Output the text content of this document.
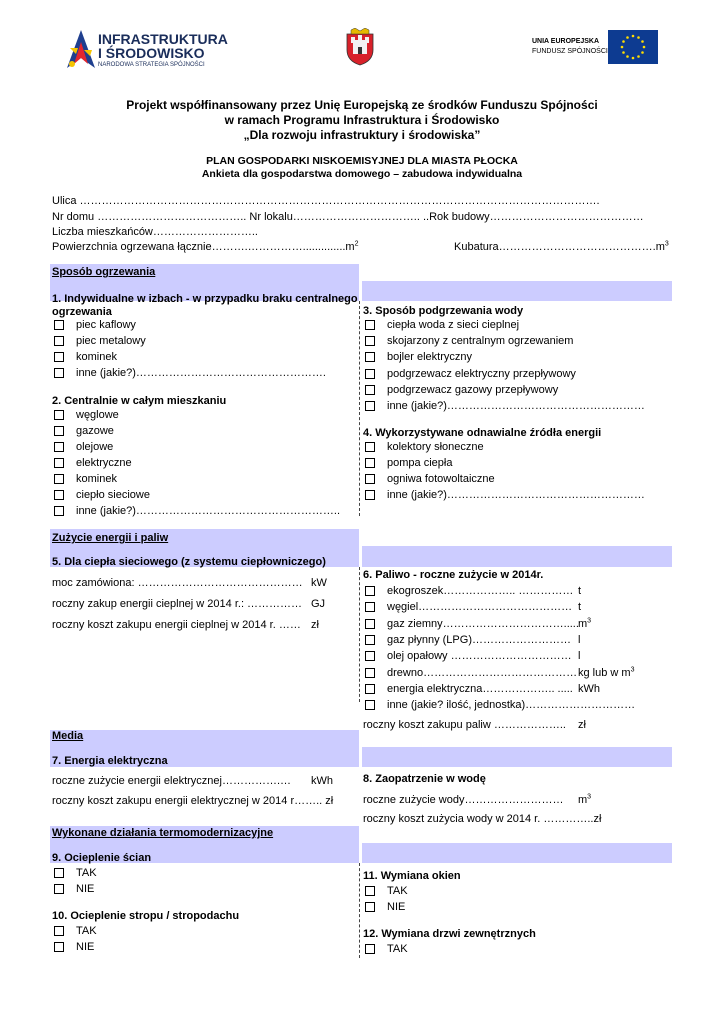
INFRASTRUKTURA
I ŚRODOWISKO
NARODOWA STRATEGIA SPÓJNOŚCI
UNIA EUROPEJSKA
FUNDUSZ SPÓJNOŚCI
Projekt współfinansowany przez Unię Europejską ze środków Funduszu Spójności
w ramach Programu Infrastruktura i Środowisko
„Dla rozwoju infrastruktury i środowiska”
PLAN GOSPODARKI NISKOEMISYJNEJ DLA MIASTA PŁOCKA
Ankieta dla gospodarstwa domowego – zabudowa indywidualna
Ulica …………………………………………………………………………………………………………………………….
Nr domu ………………………………….. Nr lokalu…………………………….. ..Rok budowy……………………………………
Liczba mieszkańców………………………..
Powierzchnia ogrzewana $łącznie\dots\dots\dots.\dots\dots\dots\dots\dots..............m^2$	$Kubatura\dots\dots\dots\dots\dots\dots\dots\dots\dots\dots\dots\dots\dots\dots.m^3$
Sposób ogrzewania
1. Indywidualne w izbach - w przypadku braku centralnego
ogrzewania
piec kaflowy
piec metalowy
kominek
inne (jakie?)…………………………………………….
2. Centralnie w całym mieszkaniu
węglowe
gazowe
olejowe
elektryczne
kominek
ciepło sieciowe
inne (jakie?)………………………………………………..
3. Sposób podgrzewania wody
ciepła woda z sieci cieplnej
skojarzony z centralnym ogrzewaniem
bojler elektryczny
podgrzewacz elektryczny przepływowy
podgrzewacz gazowy przepływowy
inne (jakie?)………………………………………………
4. Wykorzystywane odnawialne źródła energii
kolektory słoneczne
pompa ciepła
ogniwa fotowoltaiczne
inne (jakie?)………………………………………………
Zużycie energii i paliw
5. Dla ciepła sieciowego (z systemu ciepłowniczego)
moc zamówiona: ……………………………………… kW
roczny zakup energii cieplnej w 2014 r.: …………… GJ
roczny koszt zakupu energii cieplnej w 2014 r. …… zł
6. Paliwo - roczne zużycie w 2014r.
ekogroszek……………….. …………… t
węgiel…………………………………… t
gaz ziemny……………………………..... $m^3$
gaz płynny (LPG)……………………… l
olej opałowy …………………………… l
drewno…………………………………… kg lub w $m^3$
energia elektryczna……………….. ..... kWh
inne (jakie? ilość, jednostka)…………………………
roczny koszt zakupu paliw ……………….. zł
Media
7. Energia elektryczna
roczne zużycie energii elektrycznej…………….… kWh
roczny koszt zakupu energii elektrycznej w 2014 r…….. zł
8. Zaopatrzenie w wodę
roczne zużycie wody……………………… $m^3$
roczny koszt zużycia wody w 2014 r. …………..zł
Wykonane działania termomodernizacyjne
9. Ocieplenie ścian
TAK
NIE
10. Ocieplenie stropu / stropodachu
TAK
NIE
11. Wymiana okien
TAK
NIE
12. Wymiana drzwi zewnętrznych
TAK
